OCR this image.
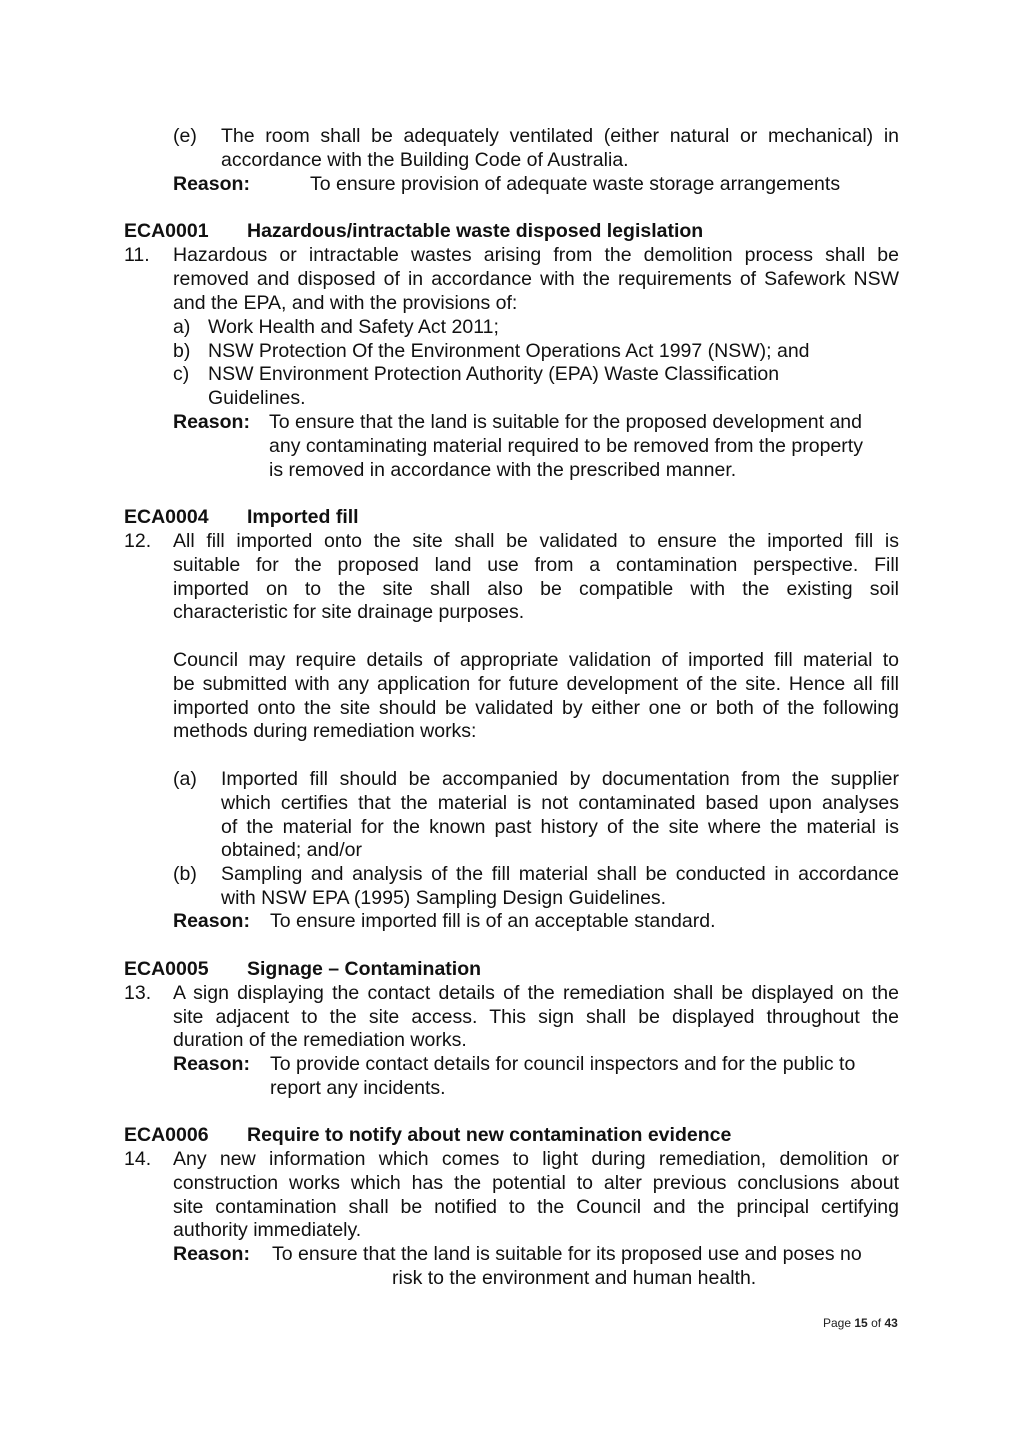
(e) The room shall be adequately ventilated (either natural or mechanical) in
accordance with the Building Code of Australia.
Reason:	To ensure provision of adequate waste storage arrangements
ECA0001 Hazardous/intractable waste disposed legislation
11. Hazardous or intractable wastes arising from the demolition process shall be
removed and disposed of in accordance with the requirements of Safework NSW
and the EPA, and with the provisions of:
a) Work Health and Safety Act 2011;
b) NSW Protection Of the Environment Operations Act 1997 (NSW); and
c) NSW Environment Protection Authority (EPA) Waste Classification
Guidelines.
Reason: To ensure that the land is suitable for the proposed development and
any contaminating material required to be removed from the property
is removed in accordance with the prescribed manner.
ECA0004 Imported fill
12. All fill imported onto the site shall be validated to ensure the imported fill is
suitable for the proposed land use from a contamination perspective. Fill
imported on to the site shall also be compatible with the existing soil
characteristic for site drainage purposes.
Council may require details of appropriate validation of imported fill material to
be submitted with any application for future development of the site. Hence all fill
imported onto the site should be validated by either one or both of the following
methods during remediation works:
(a) Imported fill should be accompanied by documentation from the supplier
which certifies that the material is not contaminated based upon analyses
of the material for the known past history of the site where the material is
obtained; and/or
(b) Sampling and analysis of the fill material shall be conducted in accordance
with NSW EPA (1995) Sampling Design Guidelines.
Reason: To ensure imported fill is of an acceptable standard.
ECA0005 Signage – Contamination
13. A sign displaying the contact details of the remediation shall be displayed on the
site adjacent to the site access. This sign shall be displayed throughout the
duration of the remediation works.
Reason: To provide contact details for council inspectors and for the public to
report any incidents.
ECA0006 Require to notify about new contamination evidence
14. Any new information which comes to light during remediation, demolition or
construction works which has the potential to alter previous conclusions about
site contamination shall be notified to the Council and the principal certifying
authority immediately.
Reason: To ensure that the land is suitable for its proposed use and poses no
risk to the environment and human health.
Page 15 of 43
